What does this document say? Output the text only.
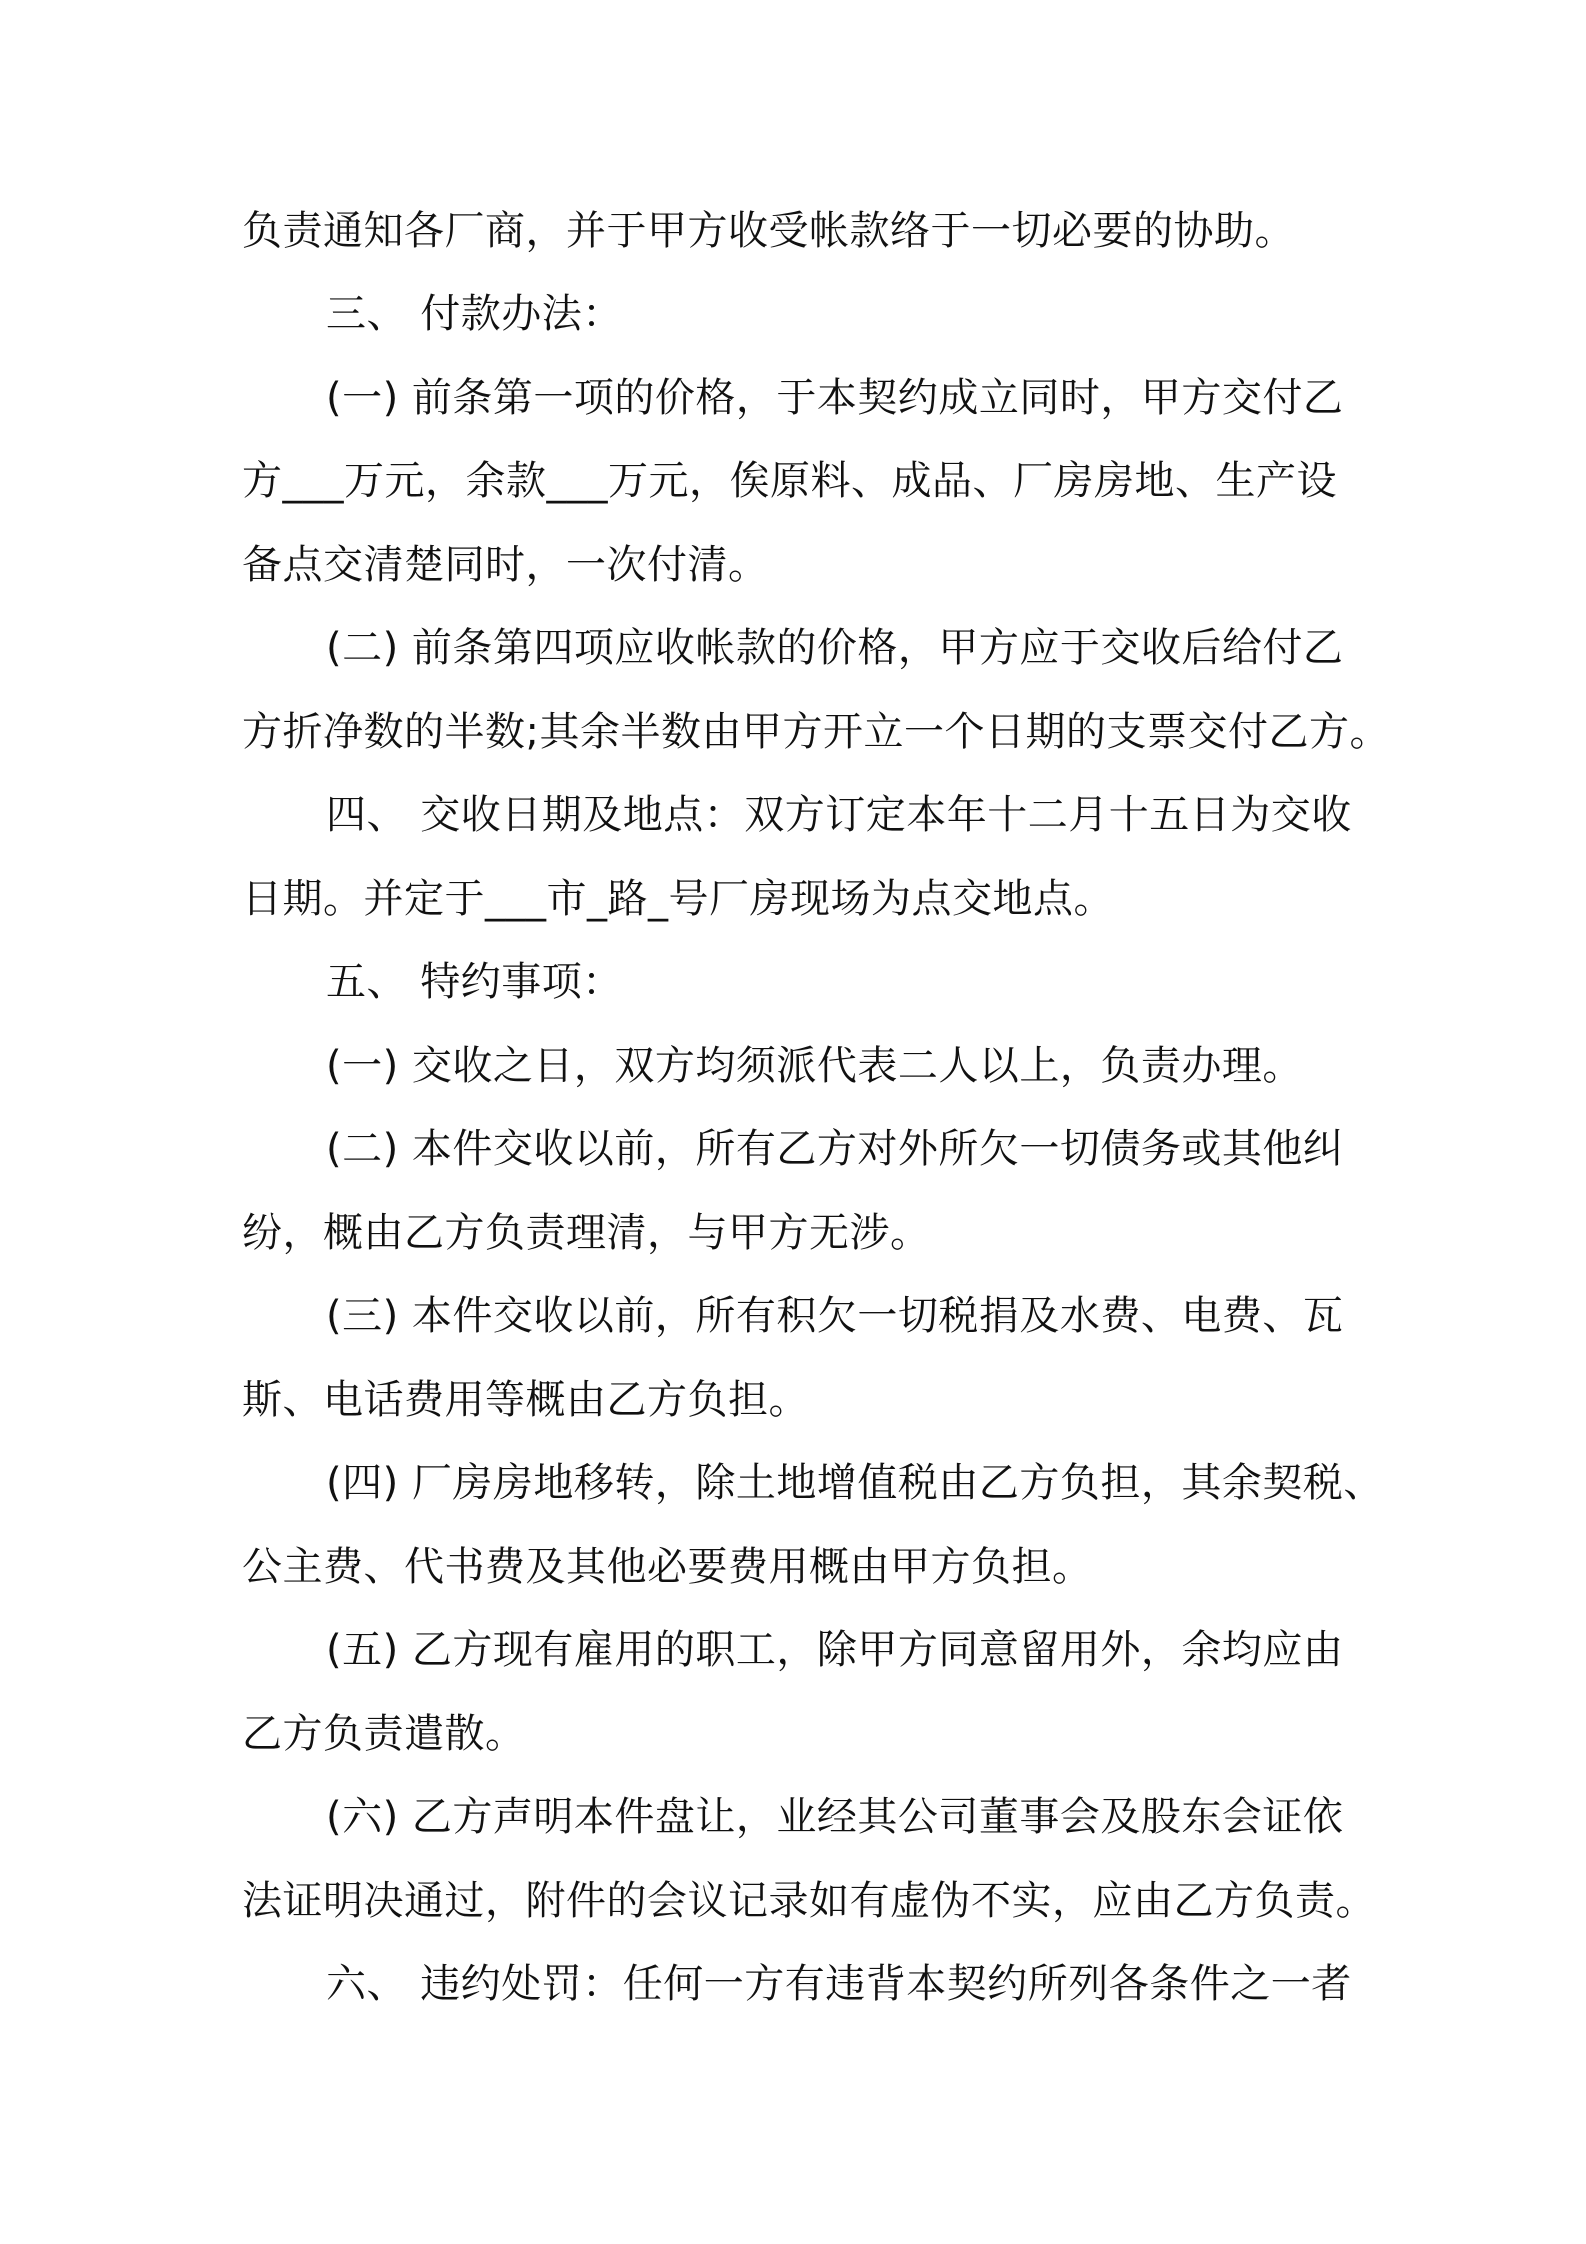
负责通知各厂商，并于甲方收受帐款络于一切必要的协助。
三、 付款办法：
(一) 前条第一项的价格，于本契约成立同时，甲方交付乙
方___万元，余款___万元，俟原料、成品、厂房房地、生产设
备点交清楚同时，一次付清。
(二) 前条第四项应收帐款的价格，甲方应于交收后给付乙
方折净数的半数;其余半数由甲方开立一个日期的支票交付乙方。
四、 交收日期及地点：双方订定本年十二月十五日为交收
日期。并定于___市_路_号厂房现场为点交地点。
五、 特约事项：
(一) 交收之日，双方均须派代表二人以上，负责办理。
(二) 本件交收以前，所有乙方对外所欠一切债务或其他纠
纷，概由乙方负责理清，与甲方无涉。
(三) 本件交收以前，所有积欠一切税捐及水费、电费、瓦
斯、电话费用等概由乙方负担。
(四) 厂房房地移转，除土地增值税由乙方负担，其余契税、
公主费、代书费及其他必要费用概由甲方负担。
(五) 乙方现有雇用的职工，除甲方同意留用外，余均应由
乙方负责遣散。
(六) 乙方声明本件盘让，业经其公司董事会及股东会证依
法证明决通过，附件的会议记录如有虚伪不实，应由乙方负责。
六、 违约处罚：任何一方有违背本契约所列各条件之一者
